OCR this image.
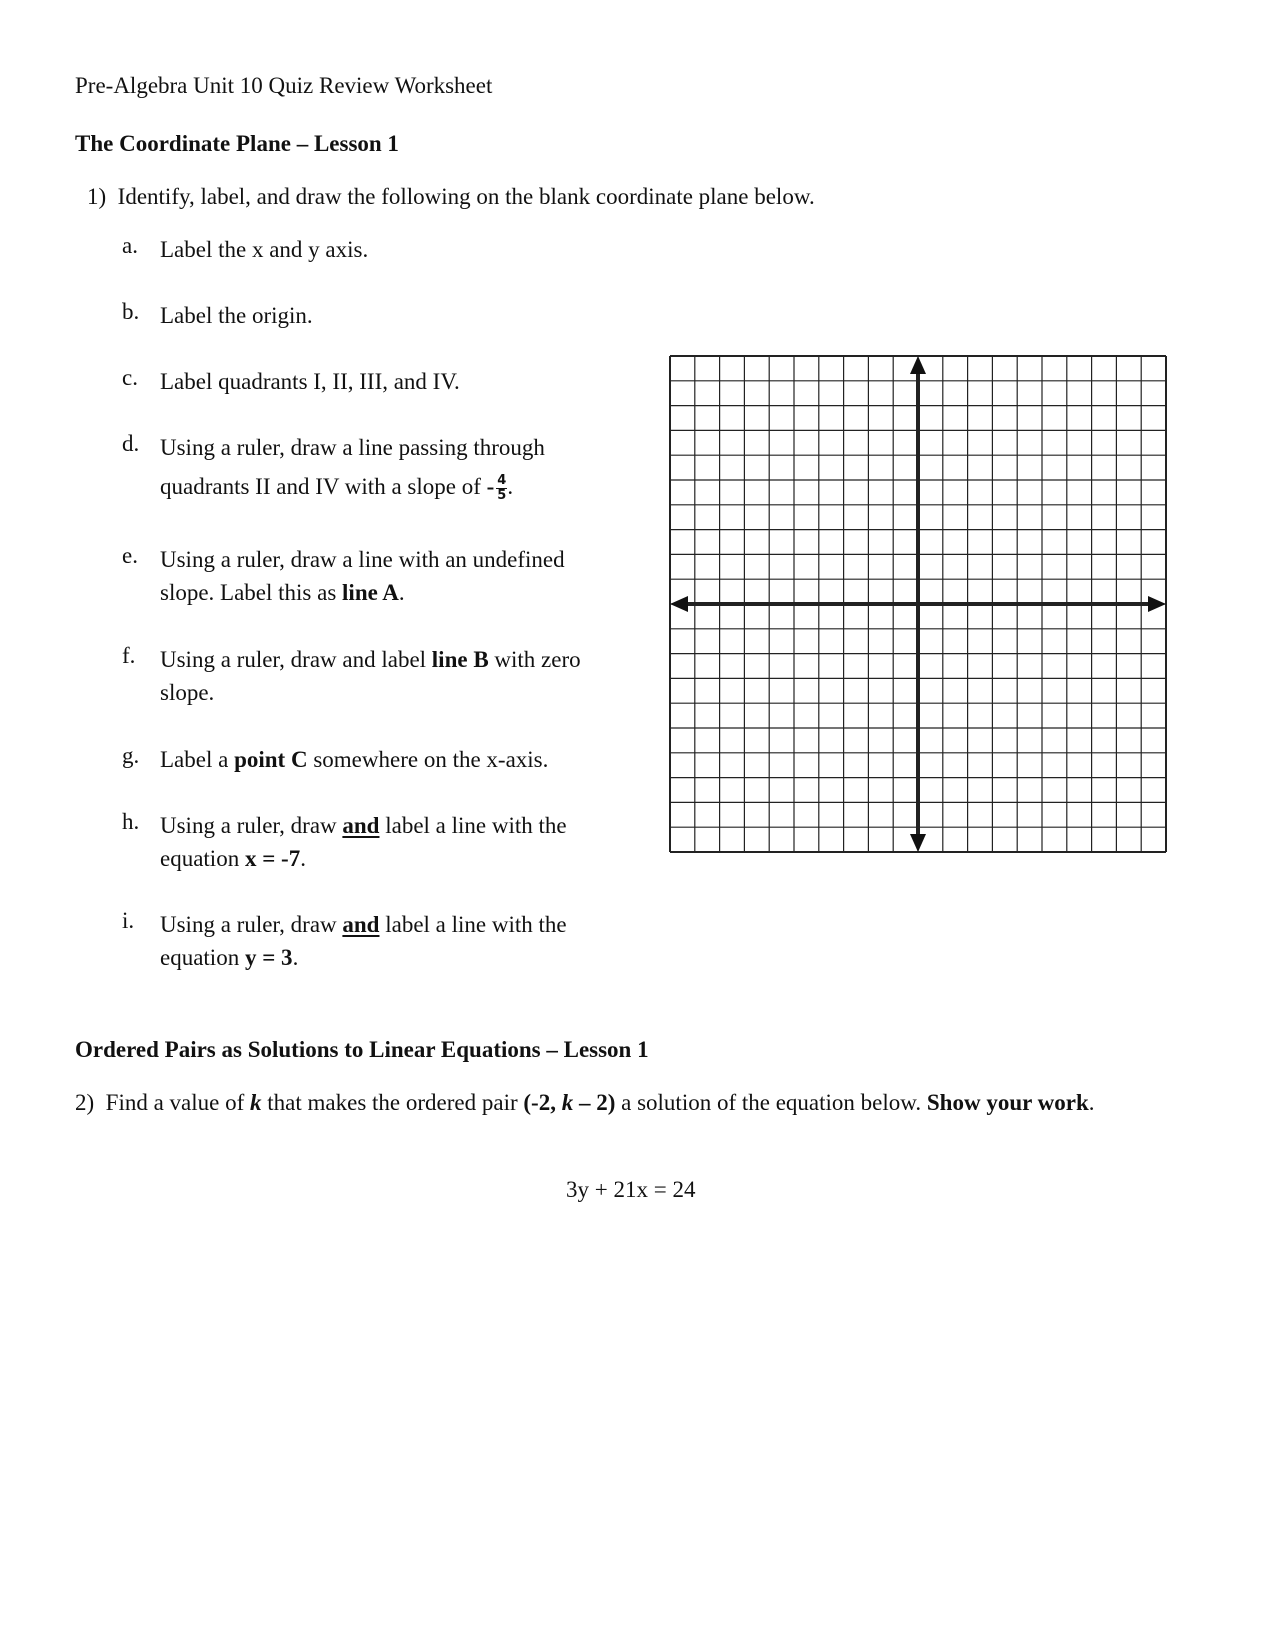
Pre-Algebra Unit 10 Quiz Review Worksheet
The Coordinate Plane – Lesson 1
1) Identify, label, and draw the following on the blank coordinate plane below.
a. Label the x and y axis.
b. Label the origin.
c. Label quadrants I, II, III, and IV.
d. Using a ruler, draw a line passing through
quadrants II and IV with a slope of - $\frac{4}{5}$ .
e. Using a ruler, draw a line with an undefined
slope. Label this as line A.
f. Using a ruler, draw and label line B with zero
slope.
g. Label a point C somewhere on the x-axis.
h. Using a ruler, draw and label a line with the
equation x = -7.
i. Using a ruler, draw and label a line with the
equation y = 3.
Ordered Pairs as Solutions to Linear Equations – Lesson 1
2) Find a value of k that makes the ordered pair (-2, k – 2) a solution of the equation below. Show your work.
3y + 21x = 24
